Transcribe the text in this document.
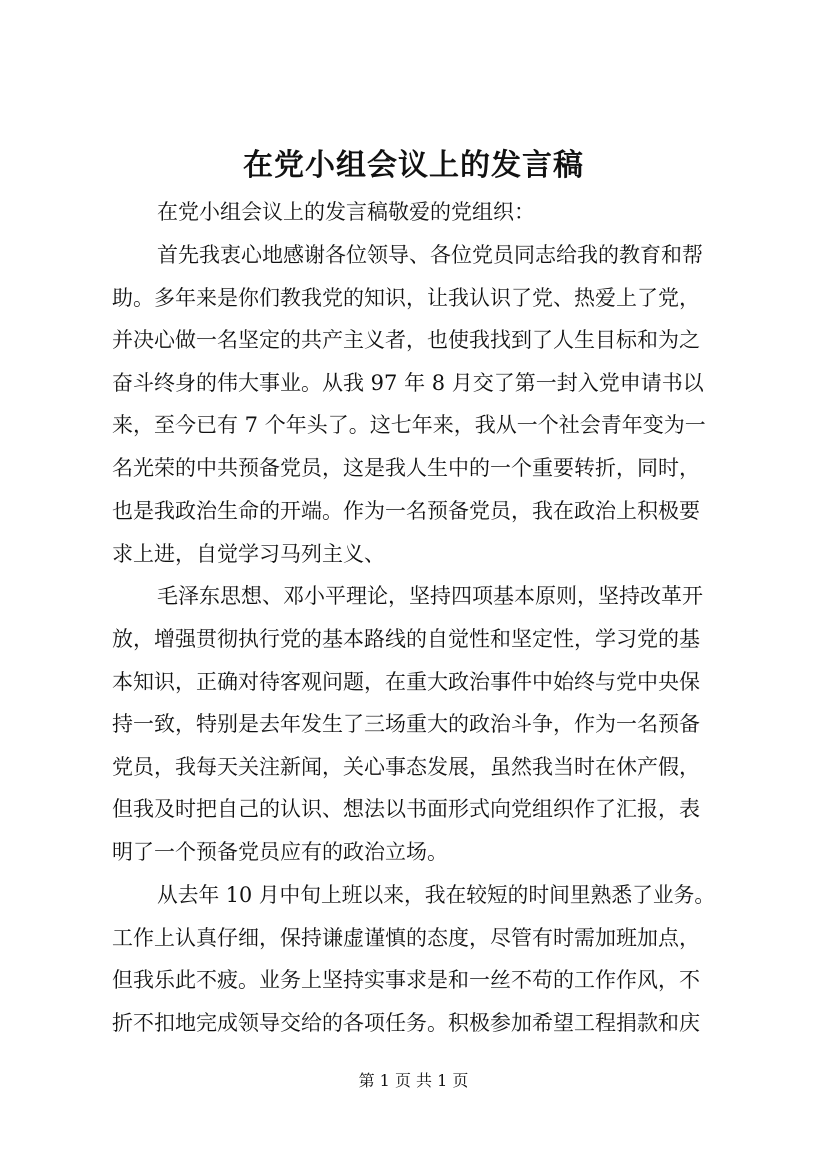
在党小组会议上的发言稿
在党小组会议上的发言稿敬爱的党组织：
首先我衷心地感谢各位领导、各位党员同志给我的教育和帮
助。多年来是你们教我党的知识，让我认识了党、热爱上了党，
并决心做一名坚定的共产主义者，也使我找到了人生目标和为之
奋斗终身的伟大事业。从我 97 年 8 月交了第一封入党申请书以
来，至今已有 7 个年头了。这七年来，我从一个社会青年变为一
名光荣的中共预备党员，这是我人生中的一个重要转折，同时，
也是我政治生命的开端。作为一名预备党员，我在政治上积极要
求上进，自觉学习马列主义、
毛泽东思想、邓小平理论，坚持四项基本原则，坚持改革开
放，增强贯彻执行党的基本路线的自觉性和坚定性，学习党的基
本知识，正确对待客观问题，在重大政治事件中始终与党中央保
持一致，特别是去年发生了三场重大的政治斗争，作为一名预备
党员，我每天关注新闻，关心事态发展，虽然我当时在休产假，
但我及时把自己的认识、想法以书面形式向党组织作了汇报，表
明了一个预备党员应有的政治立场。
从去年 10 月中旬上班以来，我在较短的时间里熟悉了业务。
工作上认真仔细，保持谦虚谨慎的态度，尽管有时需加班加点，
但我乐此不疲。业务上坚持实事求是和一丝不苟的工作作风，不
折不扣地完成领导交给的各项任务。积极参加希望工程捐款和庆
第 1 页 共 1 页
